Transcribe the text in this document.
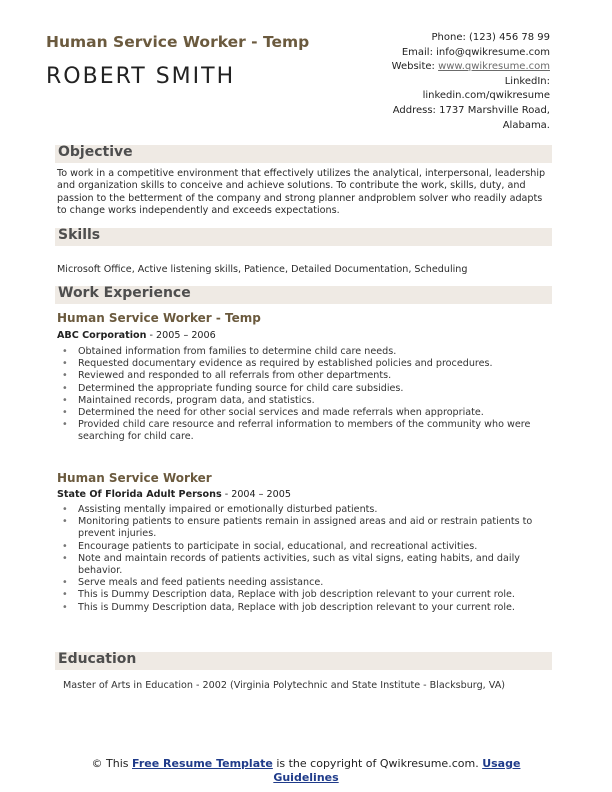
Human Service Worker - Temp
ROBERT SMITH
Phone: (123) 456 78 99
Email: info@qwikresume.com
Website: www.qwikresume.com
LinkedIn:
linkedin.com/qwikresume
Address: 1737 Marshville Road,
Alabama.
Objective
To work in a competitive environment that effectively utilizes the analytical, interpersonal, leadership and organization skills to conceive and achieve solutions. To contribute the work, skills, duty, and passion to the betterment of the company and strong planner andproblem solver who readily adapts to change works independently and exceeds expectations.
Skills
Microsoft Office, Active listening skills, Patience, Detailed Documentation, Scheduling
Work Experience
Human Service Worker - Temp
ABC Corporation - 2005 – 2006
• Obtained information from families to determine child care needs.
• Requested documentary evidence as required by established policies and procedures.
• Reviewed and responded to all referrals from other departments.
• Determined the appropriate funding source for child care subsidies.
• Maintained records, program data, and statistics.
• Determined the need for other social services and made referrals when appropriate.
• Provided child care resource and referral information to members of the community who were searching for child care.
Human Service Worker
State Of Florida Adult Persons - 2004 – 2005
• Assisting mentally impaired or emotionally disturbed patients.
• Monitoring patients to ensure patients remain in assigned areas and aid or restrain patients to prevent injuries.
• Encourage patients to participate in social, educational, and recreational activities.
• Note and maintain records of patients activities, such as vital signs, eating habits, and daily behavior.
• Serve meals and feed patients needing assistance.
• This is Dummy Description data, Replace with job description relevant to your current role.
• This is Dummy Description data, Replace with job description relevant to your current role.
Education
Master of Arts in Education - 2002 (Virginia Polytechnic and State Institute - Blacksburg, VA)
© This Free Resume Template is the copyright of Qwikresume.com. Usage
Guidelines
